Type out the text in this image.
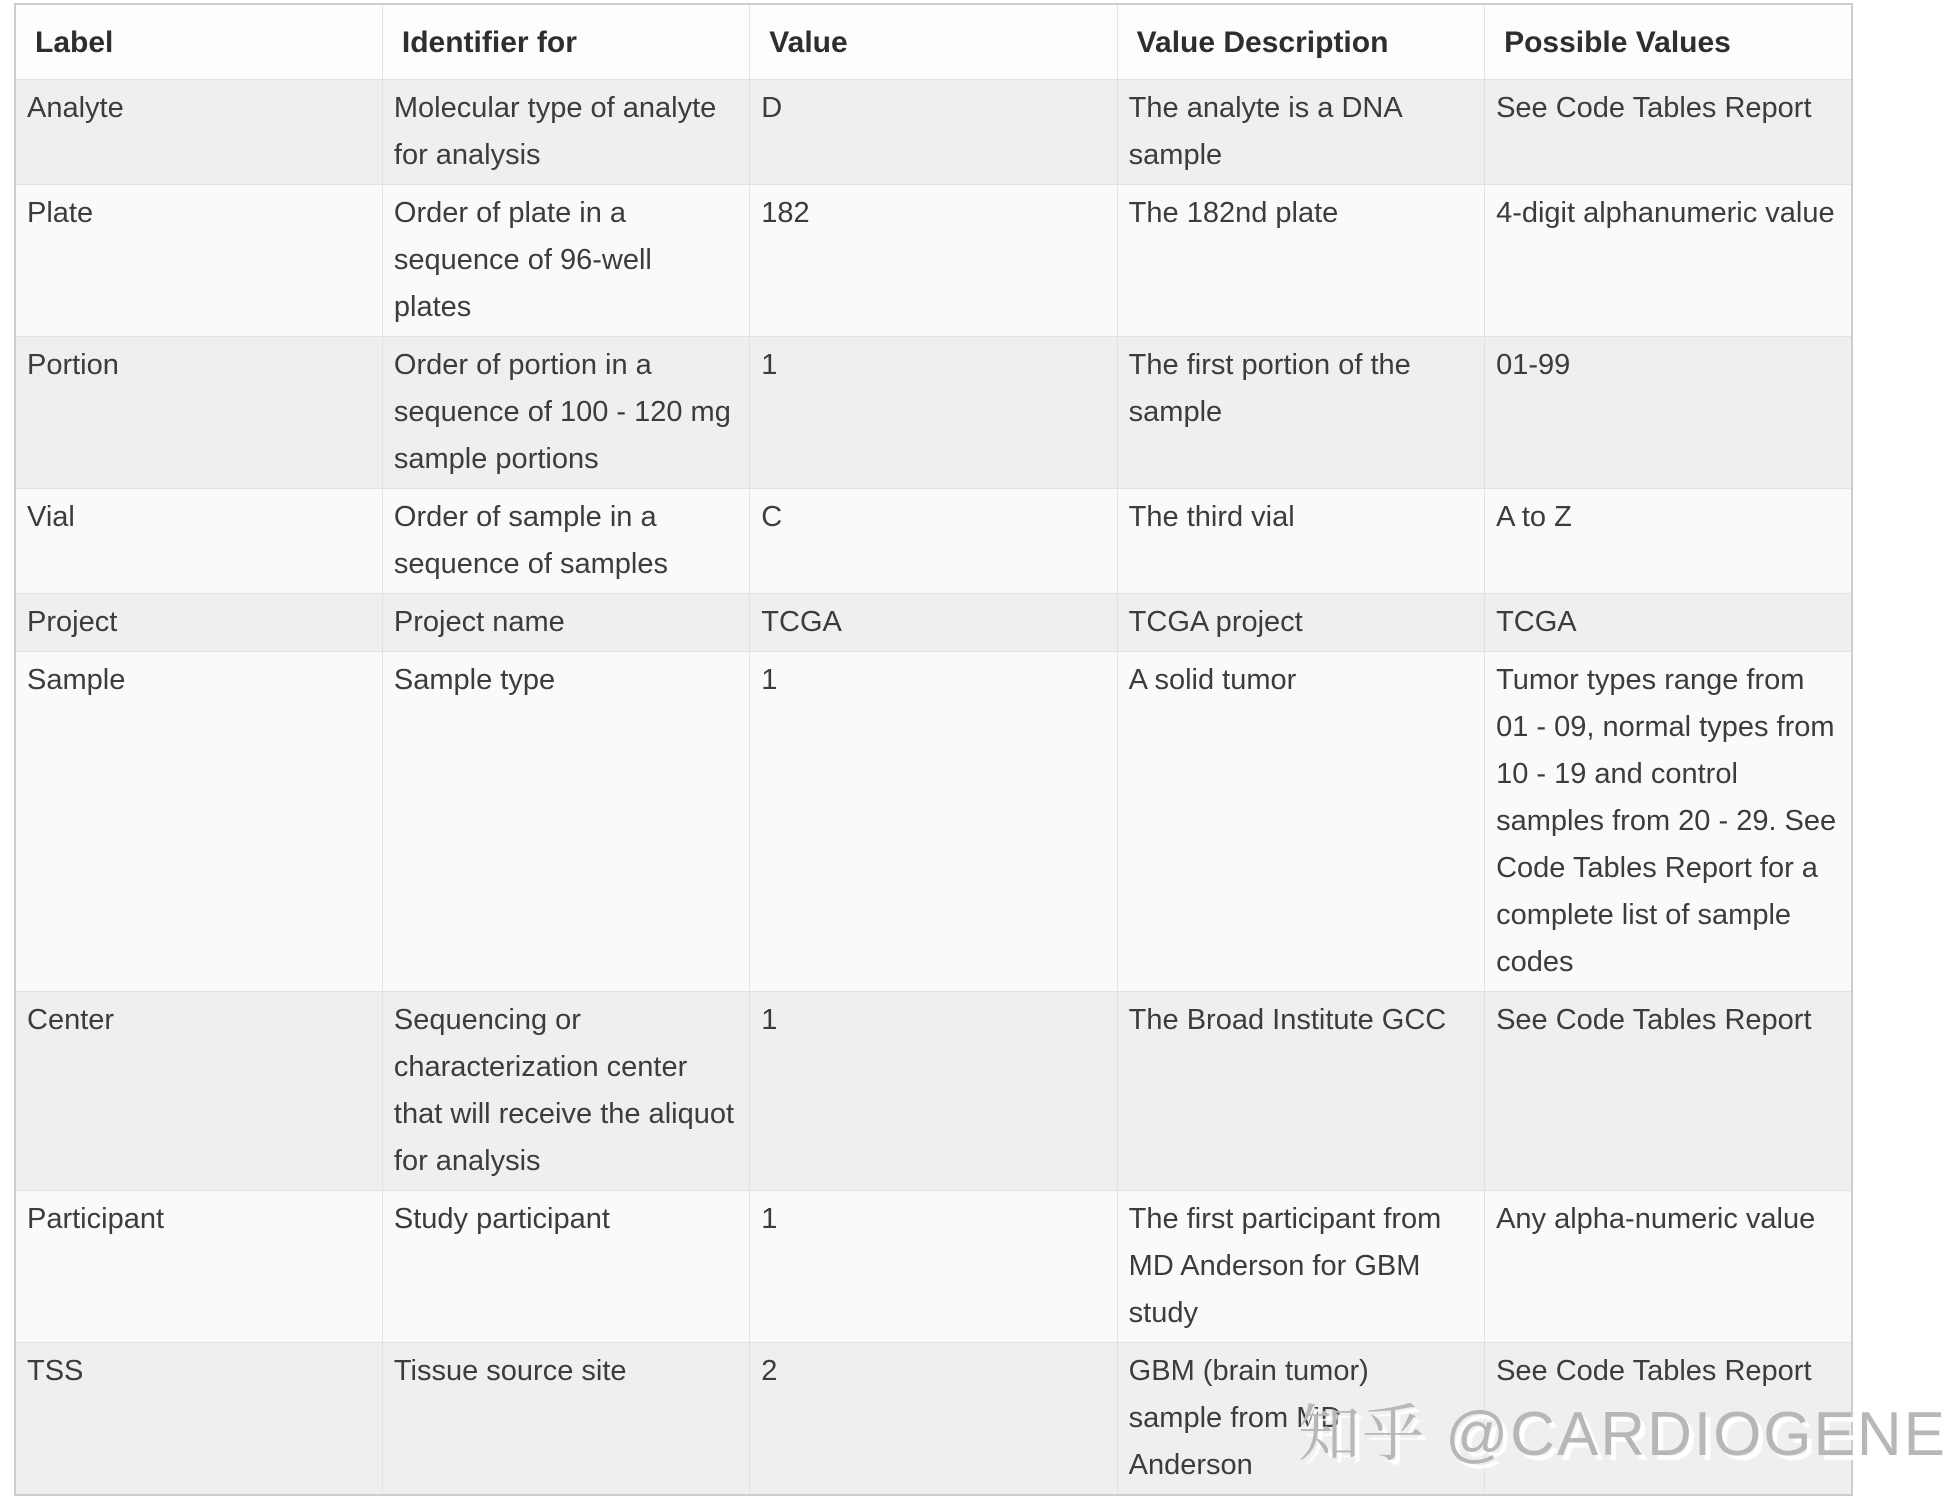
Label	Identifier for	Value	Value Description	Possible Values
Analyte	Molecular type of analyte for analysis	D	The analyte is a DNA sample	See Code Tables Report
Plate	Order of plate in a sequence of 96-well plates	182	The 182nd plate	4-digit alphanumeric value
Portion	Order of portion in a sequence of 100 - 120 mg sample portions	1	The first portion of the sample	01-99
Vial	Order of sample in a sequence of samples	C	The third vial	A to Z
Project	Project name	TCGA	TCGA project	TCGA
Sample	Sample type	1	A solid tumor	Tumor types range from 01 - 09, normal types from 10 - 19 and control samples from 20 - 29. See Code Tables Report for a complete list of sample codes
Center	Sequencing or characterization center that will receive the aliquot for analysis	1	The Broad Institute GCC	See Code Tables Report
Participant	Study participant	1	The first participant from MD Anderson for GBM study	Any alpha-numeric value
TSS	Tissue source site	2	GBM (brain tumor) sample from MD Anderson	See Code Tables Report
知乎 @CARDIOGENE
